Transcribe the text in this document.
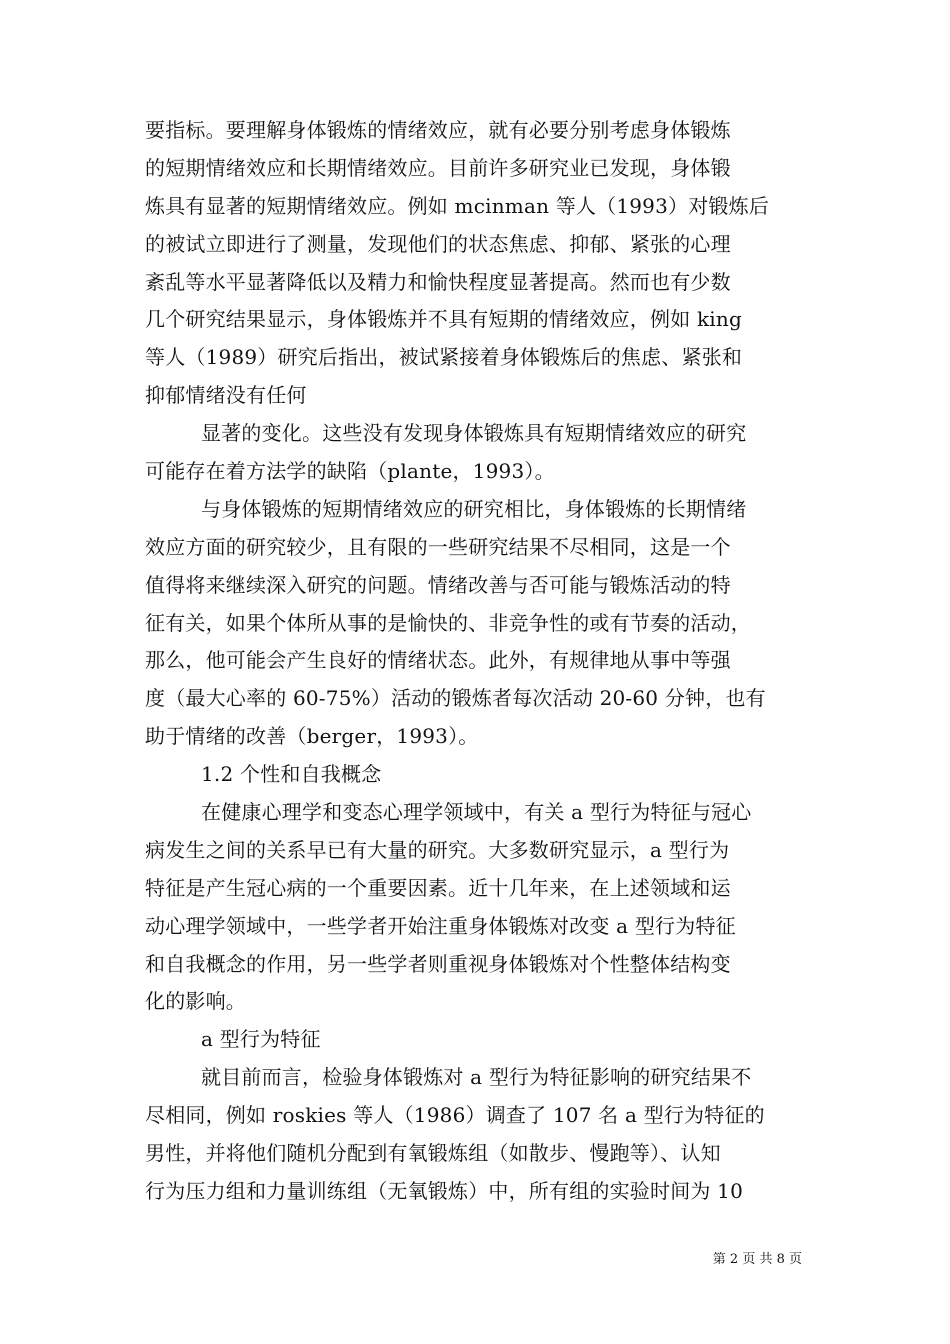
要指标。要理解身体锻炼的情绪效应，就有必要分别考虑身体锻炼
的短期情绪效应和长期情绪效应。目前许多研究业已发现，身体锻
炼具有显著的短期情绪效应。例如 mcinman 等人（1993）对锻炼后
的被试立即进行了测量，发现他们的状态焦虑、抑郁、紧张的心理
紊乱等水平显著降低以及精力和愉快程度显著提高。然而也有少数
几个研究结果显示，身体锻炼并不具有短期的情绪效应，例如 king
等人（1989）研究后指出，被试紧接着身体锻炼后的焦虑、紧张和
抑郁情绪没有任何
显著的变化。这些没有发现身体锻炼具有短期情绪效应的研究
可能存在着方法学的缺陷（plante，1993）。
与身体锻炼的短期情绪效应的研究相比，身体锻炼的长期情绪
效应方面的研究较少，且有限的一些研究结果不尽相同，这是一个
值得将来继续深入研究的问题。情绪改善与否可能与锻炼活动的特
征有关，如果个体所从事的是愉快的、非竞争性的或有节奏的活动，
那么，他可能会产生良好的情绪状态。此外，有规律地从事中等强
度（最大心率的 60-75%）活动的锻炼者每次活动 20-60 分钟，也有
助于情绪的改善（berger，1993）。
1.2 个性和自我概念
在健康心理学和变态心理学领域中，有关 a 型行为特征与冠心
病发生之间的关系早已有大量的研究。大多数研究显示，a 型行为
特征是产生冠心病的一个重要因素。近十几年来，在上述领域和运
动心理学领域中，一些学者开始注重身体锻炼对改变 a 型行为特征
和自我概念的作用，另一些学者则重视身体锻炼对个性整体结构变
化的影响。
a 型行为特征
就目前而言，检验身体锻炼对 a 型行为特征影响的研究结果不
尽相同，例如 roskies 等人（1986）调查了 107 名 a 型行为特征的
男性，并将他们随机分配到有氧锻炼组（如散步、慢跑等）、认知
行为压力组和力量训练组（无氧锻炼）中，所有组的实验时间为 10
第 2 页 共 8 页
